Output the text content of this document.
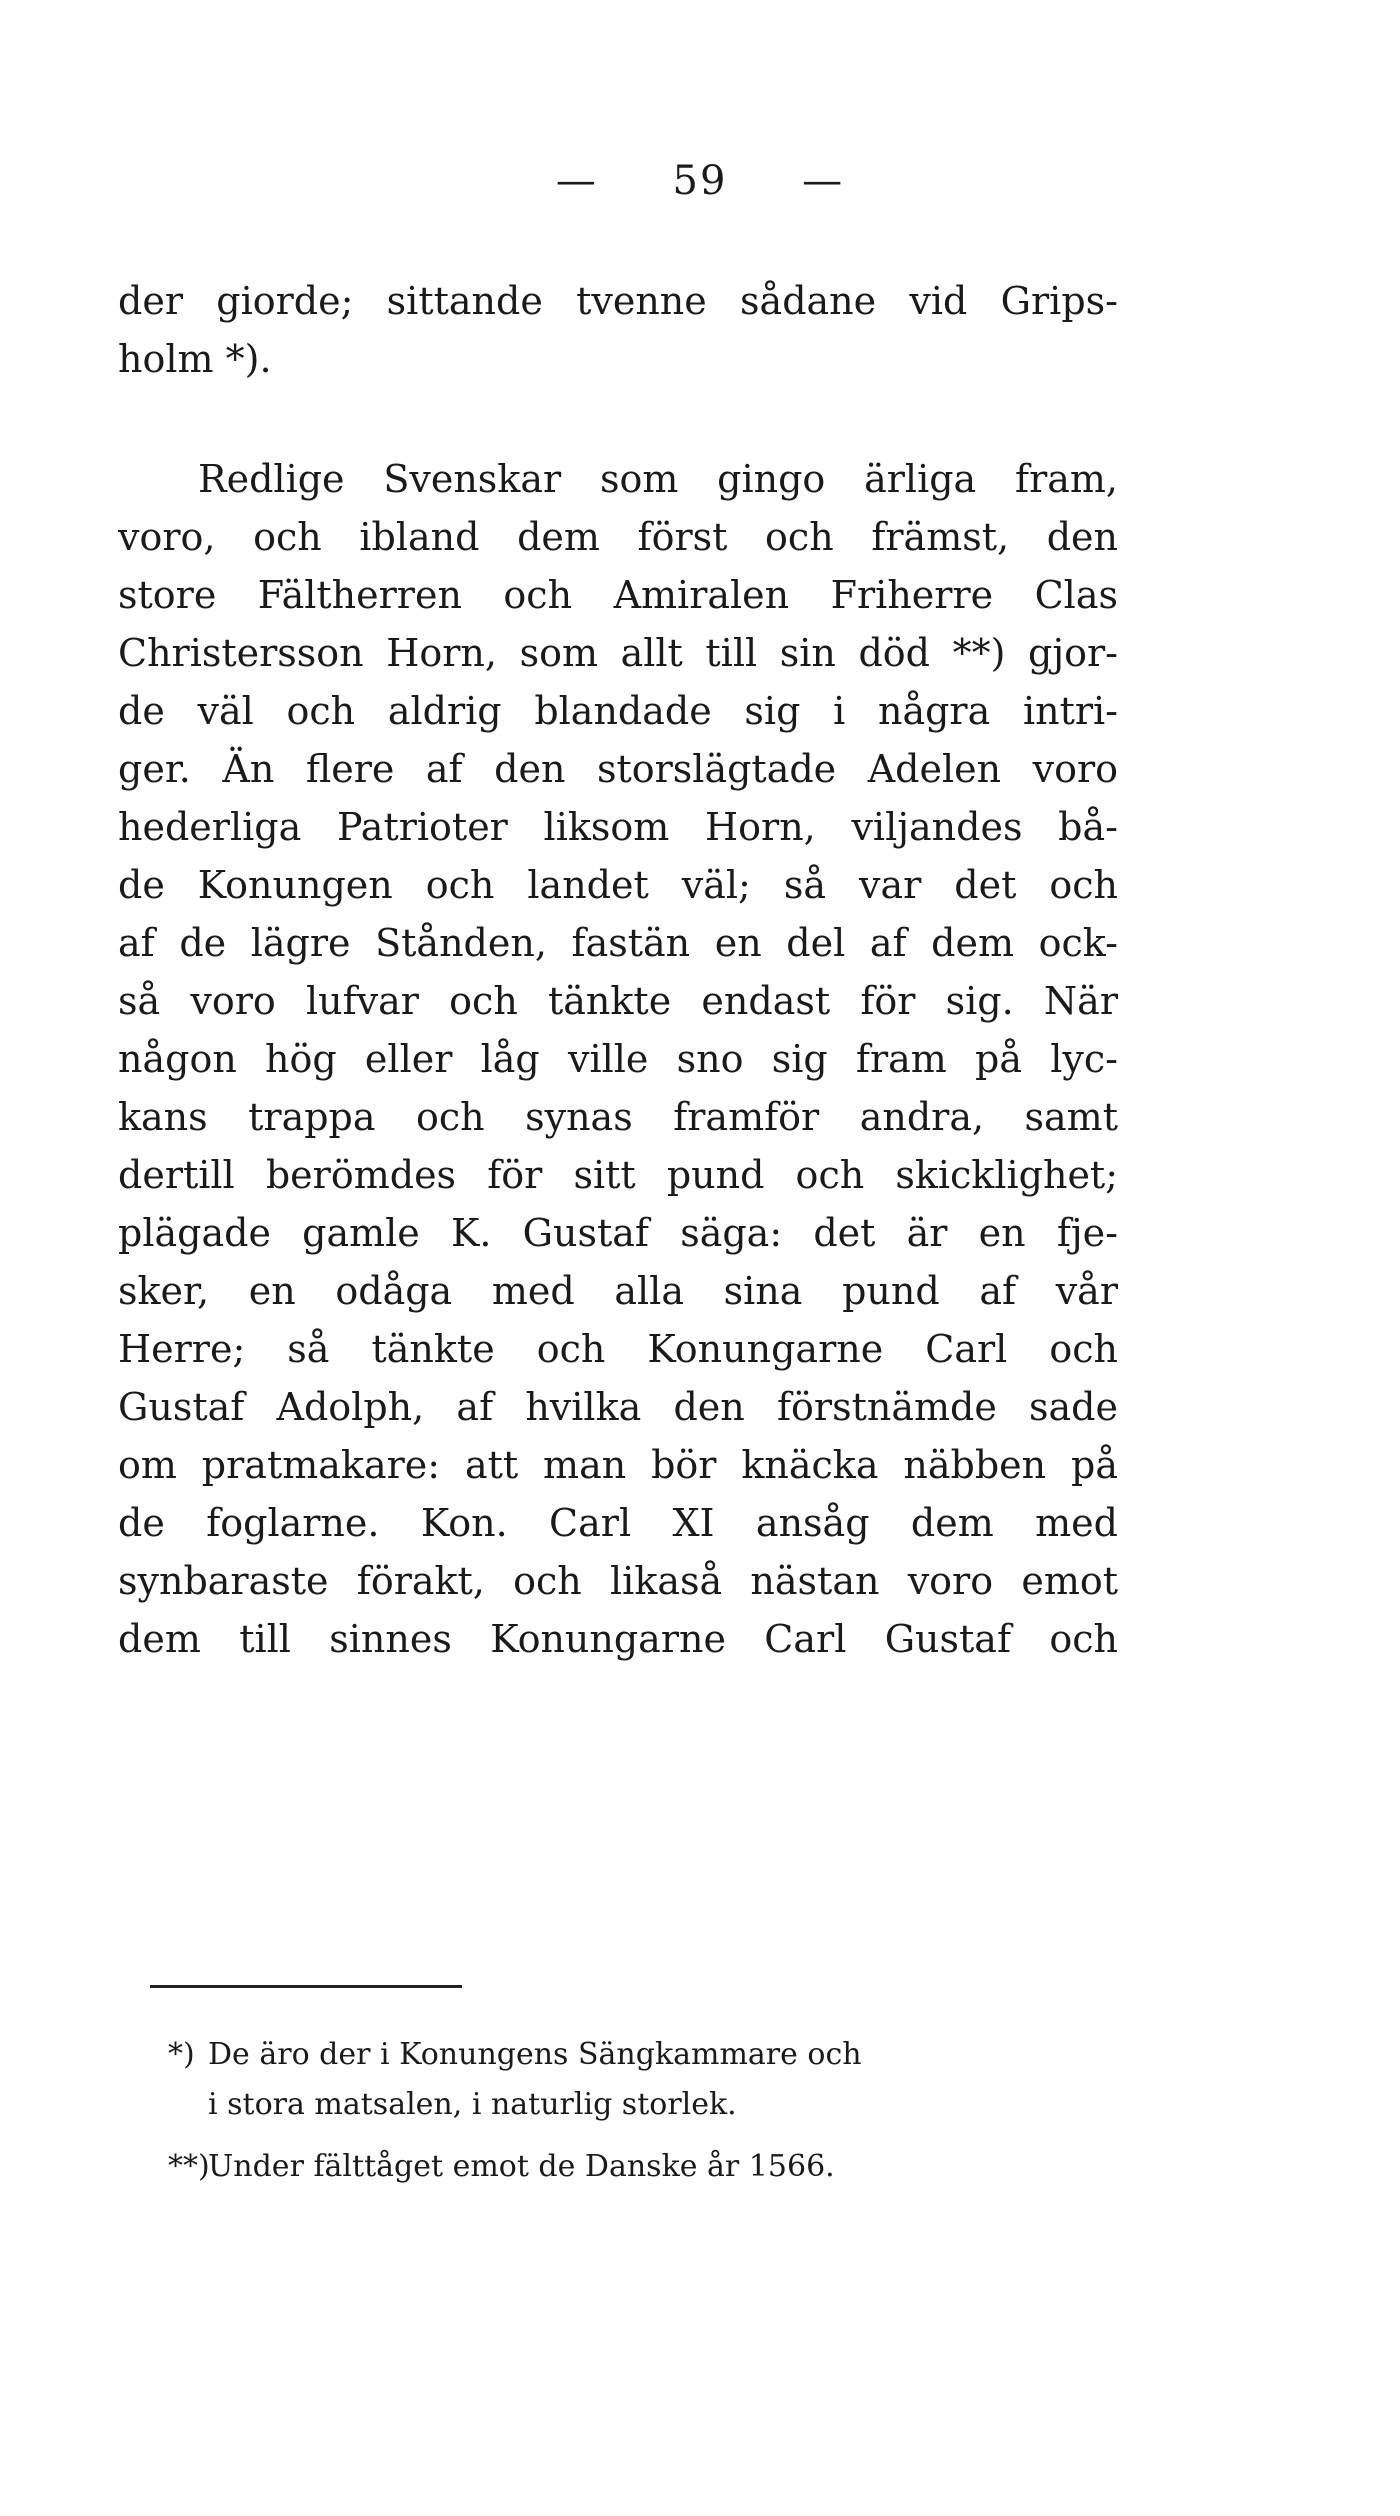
— 59 —
der giorde; sittande tvenne sådane vid Grips-
holm *).
Redlige Svenskar som gingo ärliga fram,
voro, och ibland dem först och främst, den
store Fältherren och Amiralen Friherre Clas
Christersson Horn, som allt till sin död **) gjor-
de väl och aldrig blandade sig i några intri-
ger. Än flere af den storslägtade Adelen voro
hederliga Patrioter liksom Horn, viljandes bå-
de Konungen och landet väl; så var det och
af de lägre Stånden, fastän en del af dem ock-
så voro lufvar och tänkte endast för sig. När
någon hög eller låg ville sno sig fram på lyc-
kans trappa och synas framför andra, samt
dertill berömdes för sitt pund och skicklighet;
plägade gamle K. Gustaf säga: det är en fje-
sker, en odåga med alla sina pund af vår
Herre; så tänkte och Konungarne Carl och
Gustaf Adolph, af hvilka den förstnämde sade
om pratmakare: att man bör knäcka näbben på
de foglarne. Kon. Carl XI ansåg dem med
synbaraste förakt, och likaså nästan voro emot
dem till sinnes Konungarne Carl Gustaf och
*) De äro der i Konungens Sängkammare och
i stora matsalen, i naturlig storlek.
**)Under fälttåget emot de Danske år 1566.
